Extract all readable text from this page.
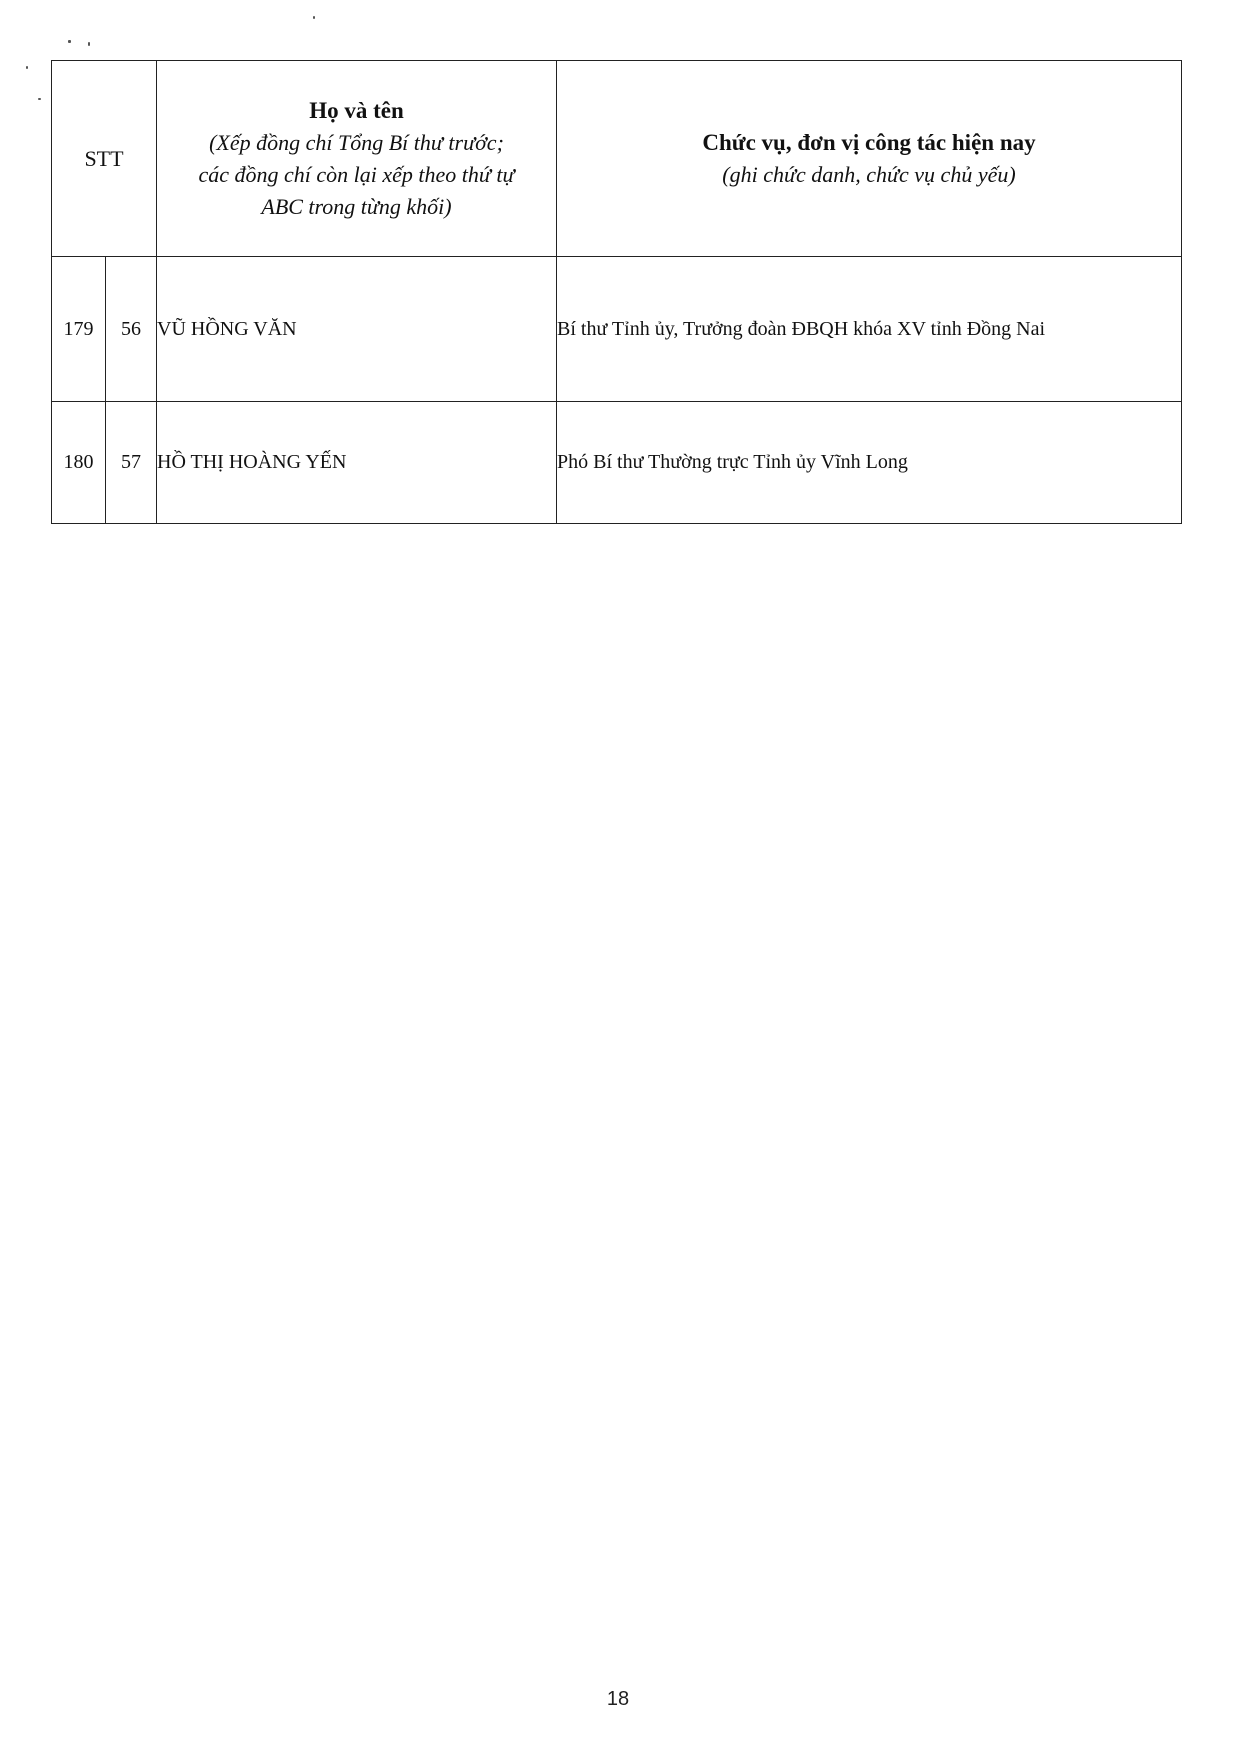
STT		Họ và tên
(Xếp đồng chí Tổng Bí thư trước;
các đồng chí còn lại xếp theo thứ tự
ABC trong từng khối)	Chức vụ, đơn vị công tác hiện nay
(ghi chức danh, chức vụ chủ yếu)

179	56	VŨ HỒNG VĂN	Bí thư Tỉnh ủy, Trưởng đoàn ĐBQH khóa XV tỉnh Đồng Nai
180	57	HỒ THỊ HOÀNG YẾN	Phó Bí thư Thường trực Tỉnh ủy Vĩnh Long
18
